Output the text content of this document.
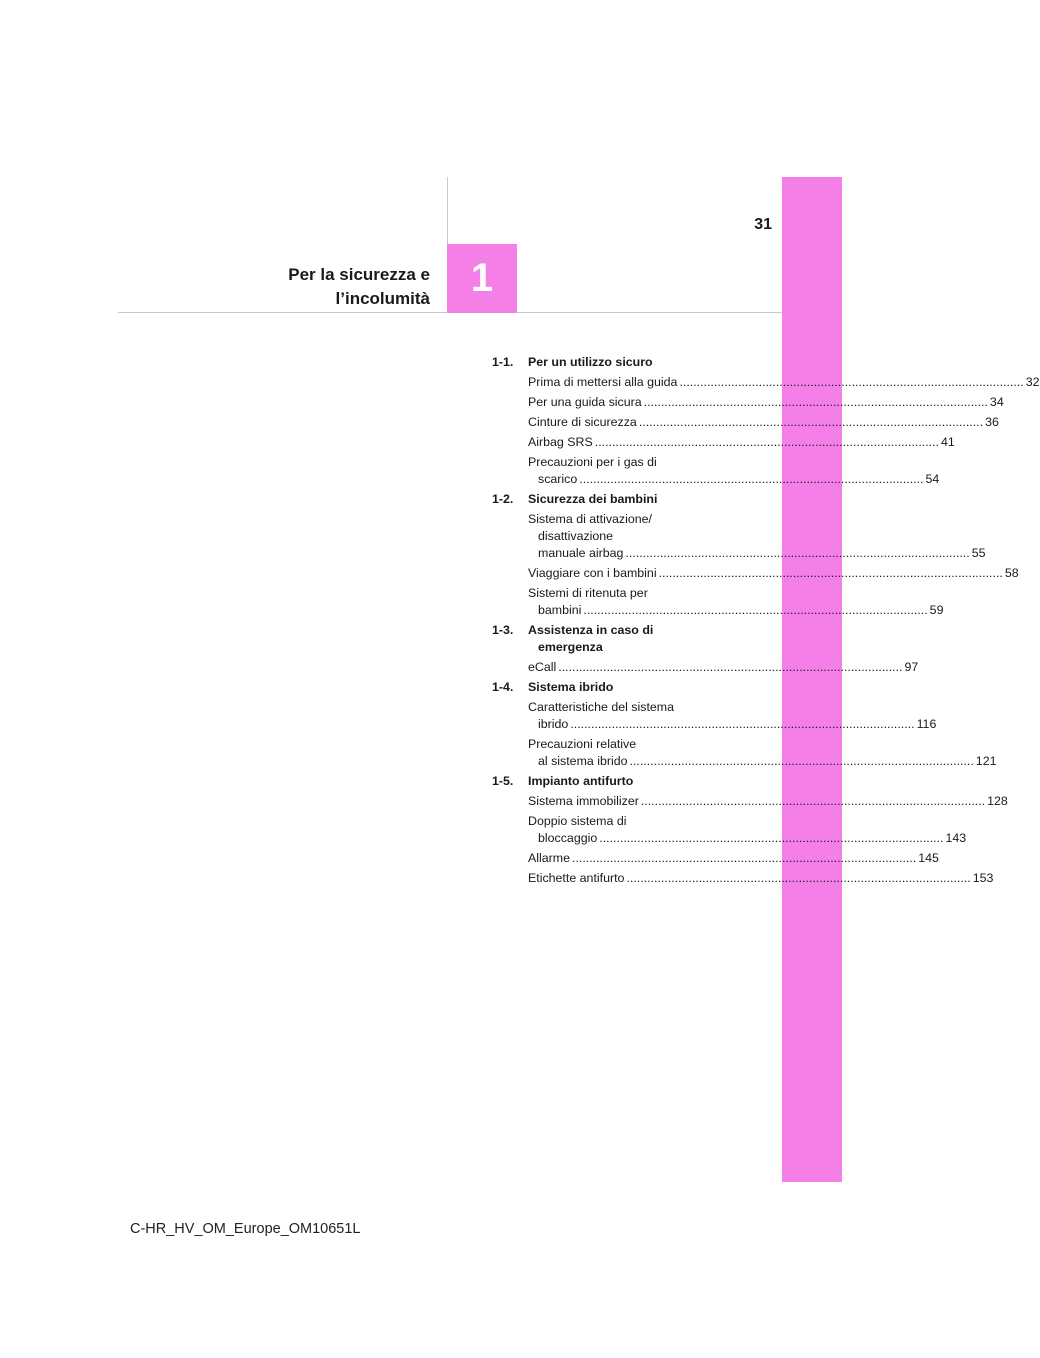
31
Per la sicurezza e
l’incolumità 1
1-1.	Per un utilizzo sicuro
Prima di mettersi alla guida .....	32
Per una guida sicura .....	34
Cinture di sicurezza .....	36
Airbag SRS .....	41
Precauzioni per i gas di
scarico .....	54
1-2.	Sicurezza dei bambini
Sistema di attivazione/
disattivazione
manuale airbag .....	55
Viaggiare con i bambini .....	58
Sistemi di ritenuta per
bambini .....	59
1-3.	Assistenza in caso di
emergenza
eCall .....	97
1-4.	Sistema ibrido
Caratteristiche del sistema
ibrido .....	116
Precauzioni relative
al sistema ibrido .....	121
1-5.	Impianto antifurto
Sistema immobilizer .....	128
Doppio sistema di
bloccaggio .....	143
Allarme .....	145
Etichette antifurto .....	153
C-HR_HV_OM_Europe_OM10651L
